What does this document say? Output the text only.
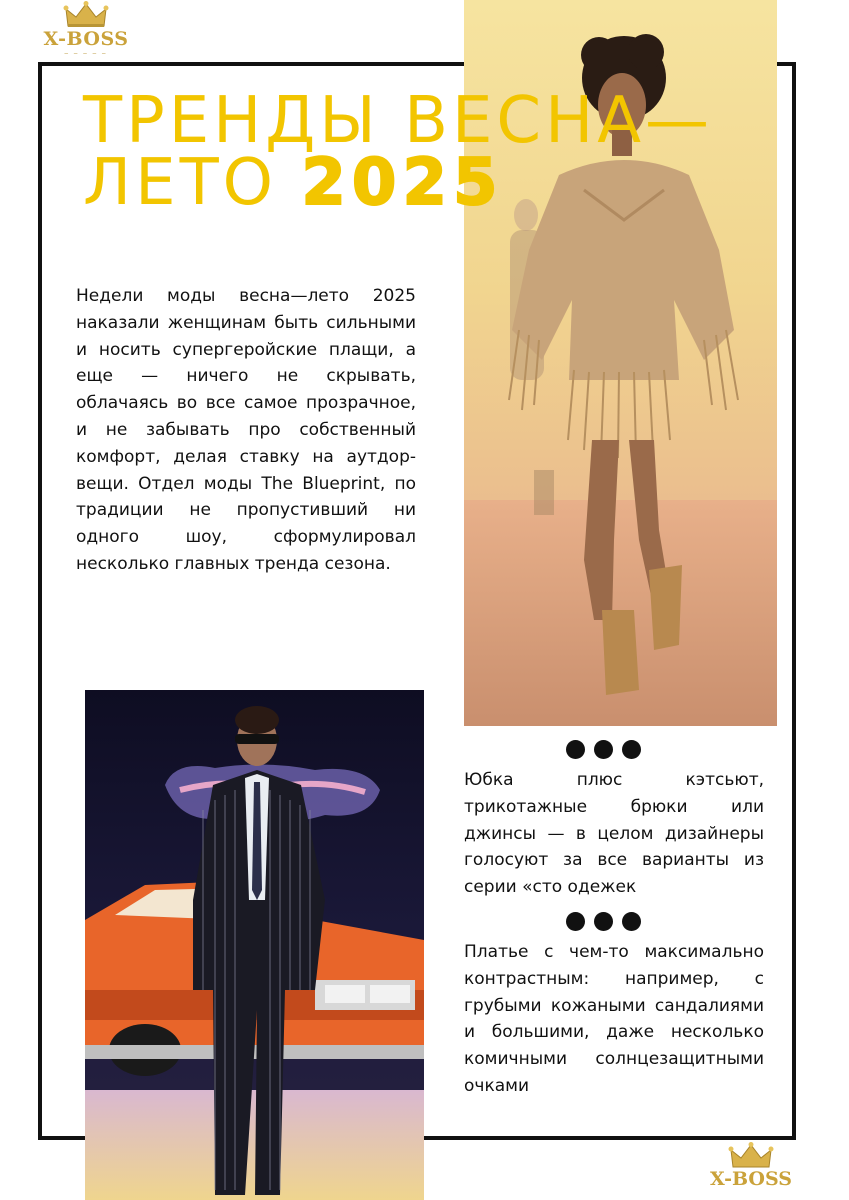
X-BOSS
— — — — —
ТРЕНДЫ ВЕСНА—
ЛЕТО 2025

Недели моды весна—лето 2025 наказали женщинам быть сильными и носить супергеройские плащи, а еще — ничего не скрывать, облачаясь во все самое прозрачное, и не забывать про собственный комфорт, делая ставку на аутдор-вещи. Отдел моды The Blueprint, по традиции не пропустивший ни одного шоу, сформулировал несколько главных тренда сезона.

Юбка плюс кэтсьют, трикотажные брюки или джинсы — в целом дизайнеры голосуют за все варианты из серии «сто одежек

Платье с чем-то максимально контрастным: например, с грубыми кожаными сандалиями и большими, даже несколько комичными солнцезащитными очками

X-BOSS
